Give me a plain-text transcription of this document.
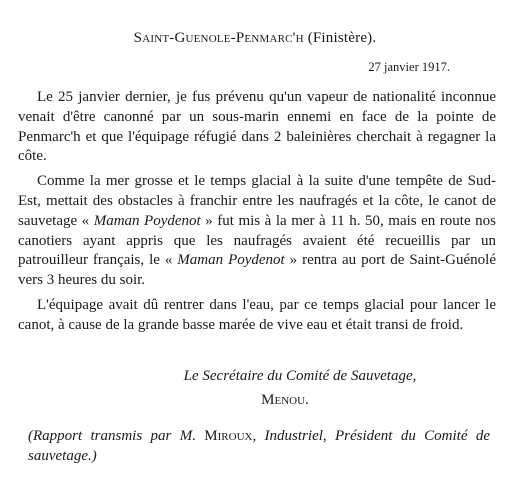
Saint-Guenole-Penmarc'h (Finistère).
27 janvier 1917.

Le 25 janvier dernier, je fus prévenu qu'un vapeur de nationalité inconnue venait d'être canonné par un sous-marin ennemi en face de la pointe de Penmarc'h et que l'équipage réfugié dans 2 baleinières cherchait à regagner la côte.

Comme la mer grosse et le temps glacial à la suite d'une tempête de Sud-Est, mettait des obstacles à franchir entre les naufragés et la côte, le canot de sauvetage « Maman Poydenot » fut mis à la mer à 11 h. 50, mais en route nos canotiers ayant appris que les naufragés avaient été recueillis par un patrouilleur français, le « Maman Poydenot » rentra au port de Saint-Guénolé vers 3 heures du soir.

L'équipage avait dû rentrer dans l'eau, par ce temps glacial pour lancer le canot, à cause de la grande basse marée de vive eau et était transi de froid.

Le Secrétaire du Comité de Sauvetage,
Menou.
(Rapport transmis par M. Miroux, Industriel, Président du Comité de sauvetage.)
